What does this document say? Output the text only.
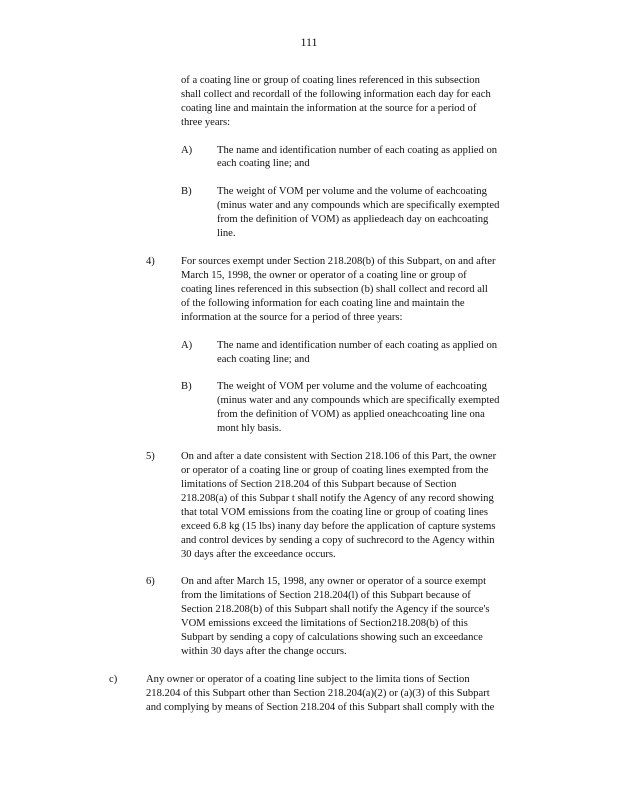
111
of a coating line or group of coating lines referenced in this subsection
shall collect and recordall of the following information each day for each
coating line and maintain the information at the source for a period of
three years:
A) The name and identification number of each coating as applied on
each coating line; and
B) The weight of VOM per volume and the volume of eachcoating
(minus water and any compounds which are specifically exempted
from the definition of VOM) as appliedeach day on eachcoating
line.
4) For sources exempt under Section 218.208(b) of this Subpart, on and after
March 15, 1998, the owner or operator of a coating line or group of
coating lines referenced in this subsection (b) shall collect and record all
of the following information for each coating line and maintain the
information at the source for a period of three years:
A) The name and identification number of each coating as applied on
each coating line; and
B) The weight of VOM per volume and the volume of eachcoating
(minus water and any compounds which are specifically exempted
from the definition of VOM) as applied oneachcoating line ona
mont hly basis.
5) On and after a date consistent with Section 218.106 of this Part, the owner
or operator of a coating line or group of coating lines exempted from the
limitations of Section 218.204 of this Subpart because of Section
218.208(a) of this Subpar t shall notify the Agency of any record showing
that total VOM emissions from the coating line or group of coating lines
exceed 6.8 kg (15 lbs) inany day before the application of capture systems
and control devices by sending a copy of suchrecord to the Agency within
30 days after the exceedance occurs.
6) On and after March 15, 1998, any owner or operator of a source exempt
from the limitations of Section 218.204(l) of this Subpart because of
Section 218.208(b) of this Subpart shall notify the Agency if the source's
VOM emissions exceed the limitations of Section218.208(b) of this
Subpart by sending a copy of calculations showing such an exceedance
within 30 days after the change occurs.
c)	Any owner or operator of a coating line subject to the limita tions of Section
218.204 of this Subpart other than Section 218.204(a)(2) or (a)(3) of this Subpart
and complying by means of Section 218.204 of this Subpart shall comply with the
